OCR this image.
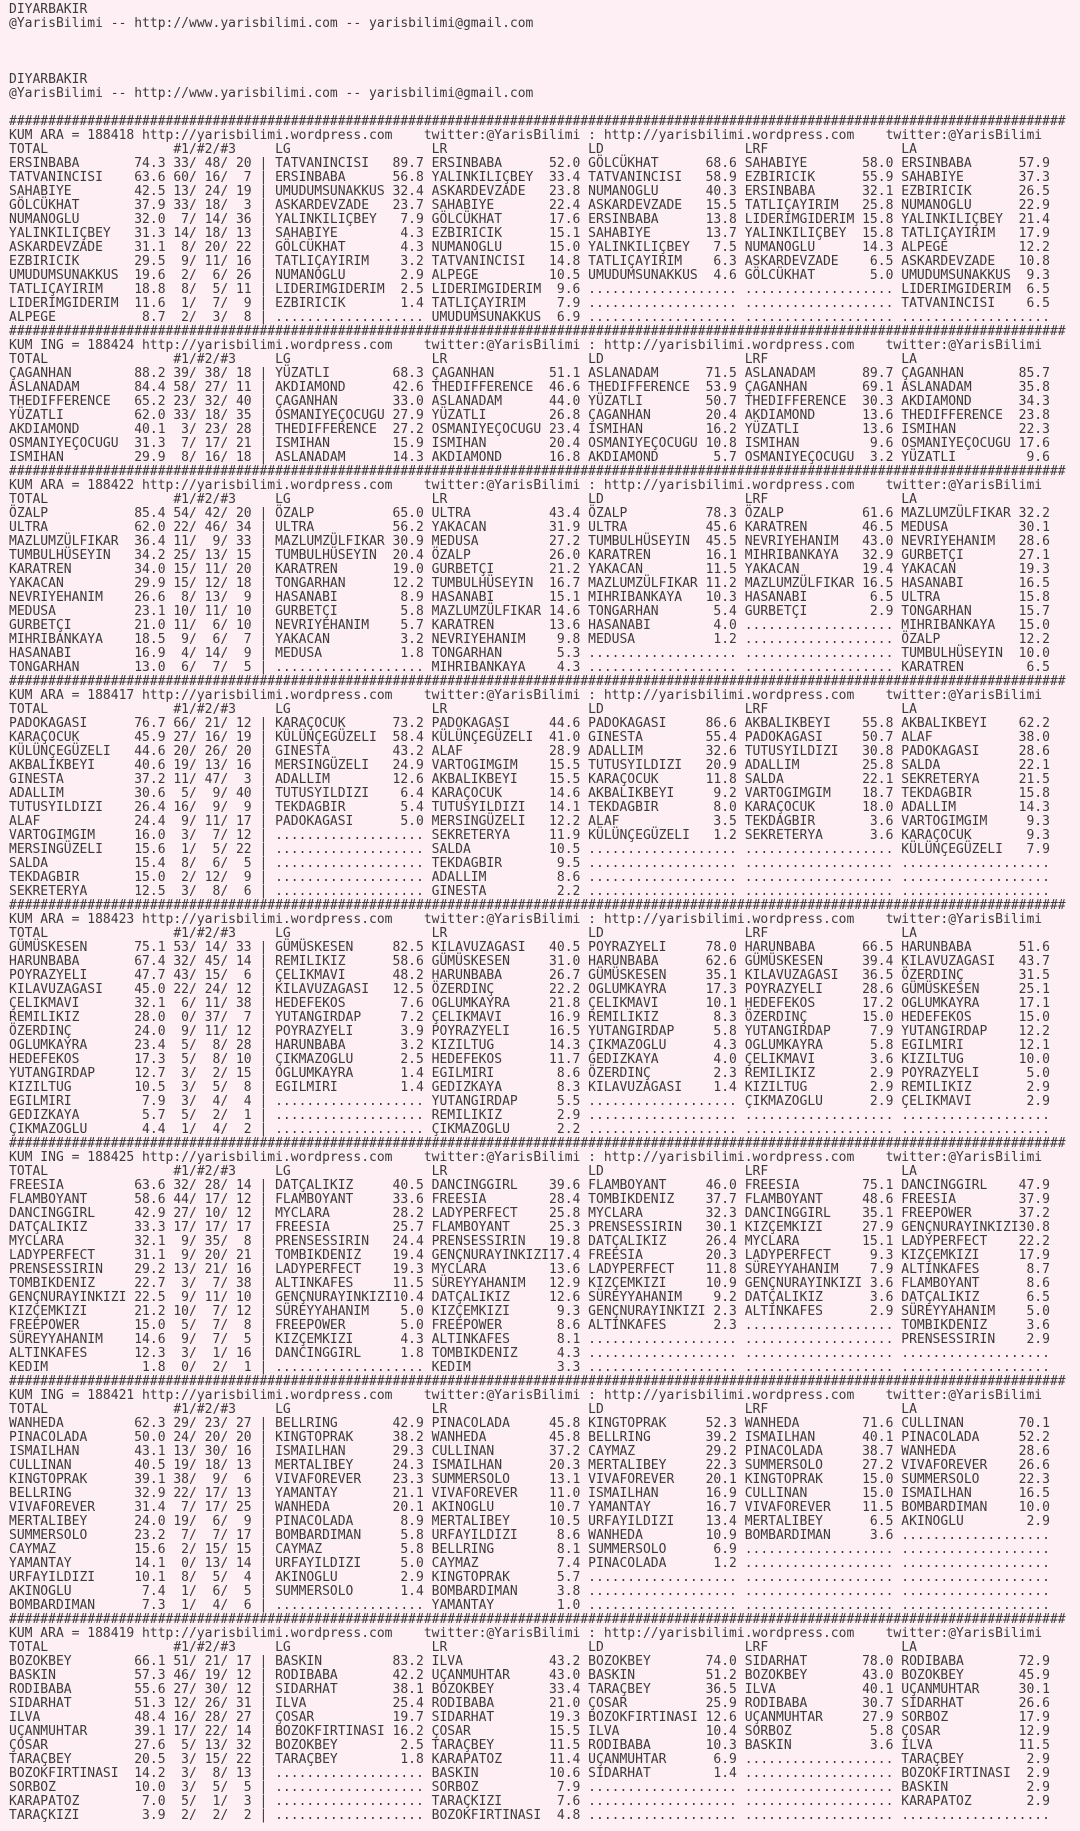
DIYARBAKIR
@YarisBilimi -- http://www.yarisbilimi.com -- yarisbilimi@gmail.com
DIYARBAKIR
@YarisBilimi -- http://www.yarisbilimi.com -- yarisbilimi@gmail.com
#######################################################################################################################################
KUM ARA = 188418 http://yarisbilimi.wordpress.com    twitter:@YarisBilimi : http://yarisbilimi.wordpress.com    twitter:@YarisBilimi
TOTAL                #1/#2/#3     LG                  LR                  LD                  LRF                 LA
ERSINBABA       74.3 33/ 48/ 20 | TATVANINCISI   89.7 ERSINBABA      52.0 GÖLCÜKHAT      68.6 SAHABIYE       58.0 ERSINBABA      57.9
TATVANINCISI    63.6 60/ 16/  7 | ERSINBABA      56.8 YALINKILIÇBEY  33.4 TATVANINCISI   58.9 EZBIRICIK      55.9 SAHABIYE       37.3
SAHABIYE        42.5 13/ 24/ 19 | UMUDUMSUNAKKUS 32.4 ASKARDEVZADE   23.8 NUMANOGLU      40.3 ERSINBABA      32.1 EZBIRICIK      26.5
GÖLCÜKHAT       37.9 33/ 18/  3 | ASKARDEVZADE   23.7 SAHABIYE       22.4 ASKARDEVZADE   15.5 TATLIÇAYIRIM   25.8 NUMANOGLU      22.9
NUMANOGLU       32.0  7/ 14/ 36 | YALINKILIÇBEY   7.9 GÖLCÜKHAT      17.6 ERSINBABA      13.8 LIDERIMGIDERIM 15.8 YALINKILIÇBEY  21.4
YALINKILIÇBEY   31.3 14/ 18/ 13 | SAHABIYE        4.3 EZBIRICIK      15.1 SAHABIYE       13.7 YALINKILIÇBEY  15.8 TATLIÇAYIRIM   17.9
ASKARDEVZADE    31.1  8/ 20/ 22 | GÖLCÜKHAT       4.3 NUMANOGLU      15.0 YALINKILIÇBEY   7.5 NUMANOGLU      14.3 ALPEGE         12.2
EZBIRICIK       29.5  9/ 11/ 16 | TATLIÇAYIRIM    3.2 TATVANINCISI   14.8 TATLIÇAYIRIM    6.3 ASKARDEVZADE    6.5 ASKARDEVZADE   10.8
UMUDUMSUNAKKUS  19.6  2/  6/ 26 | NUMANOGLU       2.9 ALPEGE         10.5 UMUDUMSUNAKKUS  4.6 GÖLCÜKHAT       5.0 UMUDUMSUNAKKUS  9.3
TATLIÇAYIRIM    18.8  8/  5/ 11 | LIDERIMGIDERIM  2.5 LIDERIMGIDERIM  9.6 ................... ................... LIDERIMGIDERIM  6.5
LIDERIMGIDERIM  11.6  1/  7/  9 | EZBIRICIK       1.4 TATLIÇAYIRIM    7.9 ................... ................... TATVANINCISI    6.5
ALPEGE           8.7  2/  3/  8 | ................... UMUDUMSUNAKKUS  6.9 ................... ................... ...................
#######################################################################################################################################
KUM ING = 188424 http://yarisbilimi.wordpress.com    twitter:@YarisBilimi : http://yarisbilimi.wordpress.com    twitter:@YarisBilimi
TOTAL                #1/#2/#3     LG                  LR                  LD                  LRF                 LA
ÇAGANHAN        88.2 39/ 38/ 18 | YÜZATLI        68.3 ÇAGANHAN       51.1 ASLANADAM      71.5 ASLANADAM      89.7 ÇAGANHAN       85.7
ASLANADAM       84.4 58/ 27/ 11 | AKDIAMOND      42.6 THEDIFFERENCE  46.6 THEDIFFERENCE  53.9 ÇAGANHAN       69.1 ASLANADAM      35.8
THEDIFFERENCE   65.2 23/ 32/ 40 | ÇAGANHAN       33.0 ASLANADAM      44.0 YÜZATLI        50.7 THEDIFFERENCE  30.3 AKDIAMOND      34.3
YÜZATLI         62.0 33/ 18/ 35 | OSMANIYEÇOCUGU 27.9 YÜZATLI        26.8 ÇAGANHAN       20.4 AKDIAMOND      13.6 THEDIFFERENCE  23.8
AKDIAMOND       40.1  3/ 23/ 28 | THEDIFFERENCE  27.2 OSMANIYEÇOCUGU 23.4 ISMIHAN        16.2 YÜZATLI        13.6 ISMIHAN        22.3
OSMANIYEÇOCUGU  31.3  7/ 17/ 21 | ISMIHAN        15.9 ISMIHAN        20.4 OSMANIYEÇOCUGU 10.8 ISMIHAN         9.6 OSMANIYEÇOCUGU 17.6
ISMIHAN         29.9  8/ 16/ 18 | ASLANADAM      14.3 AKDIAMOND      16.8 AKDIAMOND       5.7 OSMANIYEÇOCUGU  3.2 YÜZATLI         9.6
#######################################################################################################################################
KUM ARA = 188422 http://yarisbilimi.wordpress.com    twitter:@YarisBilimi : http://yarisbilimi.wordpress.com    twitter:@YarisBilimi
TOTAL                #1/#2/#3     LG                  LR                  LD                  LRF                 LA
ÖZALP           85.4 54/ 42/ 20 | ÖZALP          65.0 ULTRA          43.4 ÖZALP          78.3 ÖZALP          61.6 MAZLUMZÜLFIKAR 32.2
ULTRA           62.0 22/ 46/ 34 | ULTRA          56.2 YAKACAN        31.9 ULTRA          45.6 KARATREN       46.5 MEDUSA         30.1
MAZLUMZÜLFIKAR  36.4 11/  9/ 33 | MAZLUMZÜLFIKAR 30.9 MEDUSA         27.2 TUMBULHÜSEYIN  45.5 NEVRIYEHANIM   43.0 NEVRIYEHANIM   28.6
TUMBULHÜSEYIN   34.2 25/ 13/ 15 | TUMBULHÜSEYIN  20.4 ÖZALP          26.0 KARATREN       16.1 MIHRIBANKAYA   32.9 GURBETÇI       27.1
KARATREN        34.0 15/ 11/ 20 | KARATREN       19.0 GURBETÇI       21.2 YAKACAN        11.5 YAKACAN        19.4 YAKACAN        19.3
YAKACAN         29.9 15/ 12/ 18 | TONGARHAN      12.2 TUMBULHÜSEYIN  16.7 MAZLUMZÜLFIKAR 11.2 MAZLUMZÜLFIKAR 16.5 HASANABI       16.5
NEVRIYEHANIM    26.6  8/ 13/  9 | HASANABI        8.9 HASANABI       15.1 MIHRIBANKAYA   10.3 HASANABI        6.5 ULTRA          15.8
MEDUSA          23.1 10/ 11/ 10 | GURBETÇI        5.8 MAZLUMZÜLFIKAR 14.6 TONGARHAN       5.4 GURBETÇI        2.9 TONGARHAN      15.7
GURBETÇI        21.0 11/  6/ 10 | NEVRIYEHANIM    5.7 KARATREN       13.6 HASANABI        4.0 ................... MIHRIBANKAYA   15.0
MIHRIBANKAYA    18.5  9/  6/  7 | YAKACAN         3.2 NEVRIYEHANIM    9.8 MEDUSA          1.2 ................... ÖZALP          12.2
HASANABI        16.9  4/ 14/  9 | MEDUSA          1.8 TONGARHAN       5.3 ................... ................... TUMBULHÜSEYIN  10.0
TONGARHAN       13.0  6/  7/  5 | ................... MIHRIBANKAYA    4.3 ................... ................... KARATREN        6.5
#######################################################################################################################################
KUM ARA = 188417 http://yarisbilimi.wordpress.com    twitter:@YarisBilimi : http://yarisbilimi.wordpress.com    twitter:@YarisBilimi
TOTAL                #1/#2/#3     LG                  LR                  LD                  LRF                 LA
PADOKAGASI      76.7 66/ 21/ 12 | KARAÇOCUK      73.2 PADOKAGASI     44.6 PADOKAGASI     86.6 AKBALIKBEYI    55.8 AKBALIKBEYI    62.2
KARAÇOCUK       45.9 27/ 16/ 19 | KÜLÜNÇEGÜZELI  58.4 KÜLÜNÇEGÜZELI  41.0 GINESTA        55.4 PADOKAGASI     50.7 ALAF           38.0
KÜLÜNÇEGÜZELI   44.6 20/ 26/ 20 | GINESTA        43.2 ALAF           28.9 ADALLIM        32.6 TUTUSYILDIZI   30.8 PADOKAGASI     28.6
AKBALIKBEYI     40.6 19/ 13/ 16 | MERSINGÜZELI   24.9 VARTOGIMGIM    15.5 TUTUSYILDIZI   20.9 ADALLIM        25.8 SALDA          22.1
GINESTA         37.2 11/ 47/  3 | ADALLIM        12.6 AKBALIKBEYI    15.5 KARAÇOCUK      11.8 SALDA          22.1 SEKRETERYA     21.5
ADALLIM         30.6  5/  9/ 40 | TUTUSYILDIZI    6.4 KARAÇOCUK      14.6 AKBALIKBEYI     9.2 VARTOGIMGIM    18.7 TEKDAGBIR      15.8
TUTUSYILDIZI    26.4 16/  9/  9 | TEKDAGBIR       5.4 TUTUSYILDIZI   14.1 TEKDAGBIR       8.0 KARAÇOCUK      18.0 ADALLIM        14.3
ALAF            24.4  9/ 11/ 17 | PADOKAGASI      5.0 MERSINGÜZELI   12.2 ALAF            3.5 TEKDAGBIR       3.6 VARTOGIMGIM     9.3
VARTOGIMGIM     16.0  3/  7/ 12 | ................... SEKRETERYA     11.9 KÜLÜNÇEGÜZELI   1.2 SEKRETERYA      3.6 KARAÇOCUK       9.3
MERSINGÜZELI    15.6  1/  5/ 22 | ................... SALDA          10.5 ................... ................... KÜLÜNÇEGÜZELI   7.9
SALDA           15.4  8/  6/  5 | ................... TEKDAGBIR       9.5 ................... ................... ...................
TEKDAGBIR       15.0  2/ 12/  9 | ................... ADALLIM         8.6 ................... ................... ...................
SEKRETERYA      12.5  3/  8/  6 | ................... GINESTA         2.2 ................... ................... ...................
#######################################################################################################################################
KUM ARA = 188423 http://yarisbilimi.wordpress.com    twitter:@YarisBilimi : http://yarisbilimi.wordpress.com    twitter:@YarisBilimi
TOTAL                #1/#2/#3     LG                  LR                  LD                  LRF                 LA
GÜMÜSKESEN      75.1 53/ 14/ 33 | GÜMÜSKESEN     82.5 KILAVUZAGASI   40.5 POYRAZYELI     78.0 HARUNBABA      66.5 HARUNBABA      51.6
HARUNBABA       67.4 32/ 45/ 14 | REMILIKIZ      58.6 GÜMÜSKESEN     31.0 HARUNBABA      62.6 GÜMÜSKESEN     39.4 KILAVUZAGASI   43.7
POYRAZYELI      47.7 43/ 15/  6 | ÇELIKMAVI      48.2 HARUNBABA      26.7 GÜMÜSKESEN     35.1 KILAVUZAGASI   36.5 ÖZERDINÇ       31.5
KILAVUZAGASI    45.0 22/ 24/ 12 | KILAVUZAGASI   12.5 ÖZERDINÇ       22.2 OGLUMKAYRA     17.3 POYRAZYELI     28.6 GÜMÜSKESEN     25.1
ÇELIKMAVI       32.1  6/ 11/ 38 | HEDEFEKOS       7.6 OGLUMKAYRA     21.8 ÇELIKMAVI      10.1 HEDEFEKOS      17.2 OGLUMKAYRA     17.1
REMILIKIZ       28.0  0/ 37/  7 | YUTANGIRDAP     7.2 ÇELIKMAVI      16.9 REMILIKIZ       8.3 ÖZERDINÇ       15.0 HEDEFEKOS      15.0
ÖZERDINÇ        24.0  9/ 11/ 12 | POYRAZYELI      3.9 POYRAZYELI     16.5 YUTANGIRDAP     5.8 YUTANGIRDAP     7.9 YUTANGIRDAP    12.2
OGLUMKAYRA      23.4  5/  8/ 28 | HARUNBABA       3.2 KIZILTUG       14.3 ÇIKMAZOGLU      4.3 OGLUMKAYRA      5.8 EGILMIRI       12.1
HEDEFEKOS       17.3  5/  8/ 10 | ÇIKMAZOGLU      2.5 HEDEFEKOS      11.7 GEDIZKAYA       4.0 ÇELIKMAVI       3.6 KIZILTUG       10.0
YUTANGIRDAP     12.7  3/  2/ 15 | OGLUMKAYRA      1.4 EGILMIRI        8.6 ÖZERDINÇ        2.3 REMILIKIZ       2.9 POYRAZYELI      5.0
KIZILTUG        10.5  3/  5/  8 | EGILMIRI        1.4 GEDIZKAYA       8.3 KILAVUZAGASI    1.4 KIZILTUG        2.9 REMILIKIZ       2.9
EGILMIRI         7.9  3/  4/  4 | ................... YUTANGIRDAP     5.5 ................... ÇIKMAZOGLU      2.9 ÇELIKMAVI       2.9
GEDIZKAYA        5.7  5/  2/  1 | ................... REMILIKIZ       2.9 ................... ................... ...................
ÇIKMAZOGLU       4.4  1/  4/  2 | ................... ÇIKMAZOGLU      2.2 ................... ................... ...................
#######################################################################################################################################
KUM ING = 188425 http://yarisbilimi.wordpress.com    twitter:@YarisBilimi : http://yarisbilimi.wordpress.com    twitter:@YarisBilimi
TOTAL                #1/#2/#3     LG                  LR                  LD                  LRF                 LA
FREESIA         63.6 32/ 28/ 14 | DATÇALIKIZ     40.5 DANCINGGIRL    39.6 FLAMBOYANT     46.0 FREESIA        75.1 DANCINGGIRL    47.9
FLAMBOYANT      58.6 44/ 17/ 12 | FLAMBOYANT     33.6 FREESIA        28.4 TOMBIKDENIZ    37.7 FLAMBOYANT     48.6 FREESIA        37.9
DANCINGGIRL     42.9 27/ 10/ 12 | MYCLARA        28.2 LADYPERFECT    25.8 MYCLARA        32.3 DANCINGGIRL    35.1 FREEPOWER      37.2
DATÇALIKIZ      33.3 17/ 17/ 17 | FREESIA        25.7 FLAMBOYANT     25.3 PRENSESSIRIN   30.1 KIZÇEMKIZI     27.9 GENÇNURAYINKIZI30.8
MYCLARA         32.1  9/ 35/  8 | PRENSESSIRIN   24.4 PRENSESSIRIN   19.8 DATÇALIKIZ     26.4 MYCLARA        15.1 LADYPERFECT    22.2
LADYPERFECT     31.1  9/ 20/ 21 | TOMBIKDENIZ    19.4 GENÇNURAYINKIZI17.4 FREESIA        20.3 LADYPERFECT     9.3 KIZÇEMKIZI     17.9
PRENSESSIRIN    29.2 13/ 21/ 16 | LADYPERFECT    19.3 MYCLARA        13.6 LADYPERFECT    11.8 SÜREYYAHANIM    7.9 ALTINKAFES      8.7
TOMBIKDENIZ     22.7  3/  7/ 38 | ALTINKAFES     11.5 SÜREYYAHANIM   12.9 KIZÇEMKIZI     10.9 GENÇNURAYINKIZI 3.6 FLAMBOYANT      8.6
GENÇNURAYINKIZI 22.5  9/ 11/ 10 | GENÇNURAYINKIZI10.4 DATÇALIKIZ     12.6 SÜREYYAHANIM    9.2 DATÇALIKIZ      3.6 DATÇALIKIZ      6.5
KIZÇEMKIZI      21.2 10/  7/ 12 | SÜREYYAHANIM    5.0 KIZÇEMKIZI      9.3 GENÇNURAYINKIZI 2.3 ALTINKAFES      2.9 SÜREYYAHANIM    5.0
FREEPOWER       15.0  5/  7/  8 | FREEPOWER       5.0 FREEPOWER       8.6 ALTINKAFES      2.3 ................... TOMBIKDENIZ     3.6
SÜREYYAHANIM    14.6  9/  7/  5 | KIZÇEMKIZI      4.3 ALTINKAFES      8.1 ................... ................... PRENSESSIRIN    2.9
ALTINKAFES      12.3  3/  1/ 16 | DANCINGGIRL     1.8 TOMBIKDENIZ     4.3 ................... ................... ...................
KEDIM            1.8  0/  2/  1 | ................... KEDIM           3.3 ................... ................... ...................
#######################################################################################################################################
KUM ING = 188421 http://yarisbilimi.wordpress.com    twitter:@YarisBilimi : http://yarisbilimi.wordpress.com    twitter:@YarisBilimi
TOTAL                #1/#2/#3     LG                  LR                  LD                  LRF                 LA
WANHEDA         62.3 29/ 23/ 27 | BELLRING       42.9 PINACOLADA     45.8 KINGTOPRAK     52.3 WANHEDA        71.6 CULLINAN       70.1
PINACOLADA      50.0 24/ 20/ 20 | KINGTOPRAK     38.2 WANHEDA        45.8 BELLRING       39.2 ISMAILHAN      40.1 PINACOLADA     52.2
ISMAILHAN       43.1 13/ 30/ 16 | ISMAILHAN      29.3 CULLINAN       37.2 CAYMAZ         29.2 PINACOLADA     38.7 WANHEDA        28.6
CULLINAN        40.5 19/ 18/ 13 | MERTALIBEY     24.3 ISMAILHAN      20.3 MERTALIBEY     22.3 SUMMERSOLO     27.2 VIVAFOREVER    26.6
KINGTOPRAK      39.1 38/  9/  6 | VIVAFOREVER    23.3 SUMMERSOLO     13.1 VIVAFOREVER    20.1 KINGTOPRAK     15.0 SUMMERSOLO     22.3
BELLRING        32.9 22/ 17/ 13 | YAMANTAY       21.1 VIVAFOREVER    11.0 ISMAILHAN      16.9 CULLINAN       15.0 ISMAILHAN      16.5
VIVAFOREVER     31.4  7/ 17/ 25 | WANHEDA        20.1 AKINOGLU       10.7 YAMANTAY       16.7 VIVAFOREVER    11.5 BOMBARDIMAN    10.0
MERTALIBEY      24.0 19/  6/  9 | PINACOLADA      8.9 MERTALIBEY     10.5 URFAYILDIZI    13.4 MERTALIBEY      6.5 AKINOGLU        2.9
SUMMERSOLO      23.2  7/  7/ 17 | BOMBARDIMAN     5.8 URFAYILDIZI     8.6 WANHEDA        10.9 BOMBARDIMAN     3.6 ...................
CAYMAZ          15.6  2/ 15/ 15 | CAYMAZ          5.8 BELLRING        8.1 SUMMERSOLO      6.9 ................... ...................
YAMANTAY        14.1  0/ 13/ 14 | URFAYILDIZI     5.0 CAYMAZ          7.4 PINACOLADA      1.2 ................... ...................
URFAYILDIZI     10.1  8/  5/  4 | AKINOGLU        2.9 KINGTOPRAK      5.7 ................... ................... ...................
AKINOGLU         7.4  1/  6/  5 | SUMMERSOLO      1.4 BOMBARDIMAN     3.8 ................... ................... ...................
BOMBARDIMAN      7.3  1/  4/  6 | ................... YAMANTAY        1.0 ................... ................... ...................
#######################################################################################################################################
KUM ARA = 188419 http://yarisbilimi.wordpress.com    twitter:@YarisBilimi : http://yarisbilimi.wordpress.com    twitter:@YarisBilimi
TOTAL                #1/#2/#3     LG                  LR                  LD                  LRF                 LA
BOZOKBEY        66.1 51/ 21/ 17 | BASKIN         83.2 ILVA           43.2 BOZOKBEY       74.0 SIDARHAT       78.0 RODIBABA       72.9
BASKIN          57.3 46/ 19/ 12 | RODIBABA       42.2 UÇANMUHTAR     43.0 BASKIN         51.2 BOZOKBEY       43.0 BOZOKBEY       45.9
RODIBABA        55.6 27/ 30/ 12 | SIDARHAT       38.1 BOZOKBEY       33.4 TARAÇBEY       36.5 ILVA           40.1 UÇANMUHTAR     30.1
SIDARHAT        51.3 12/ 26/ 31 | ILVA           25.4 RODIBABA       21.0 ÇOSAR          25.9 RODIBABA       30.7 SIDARHAT       26.6
ILVA            48.4 16/ 28/ 27 | ÇOSAR          19.7 SIDARHAT       19.3 BOZOKFIRTINASI 12.6 UÇANMUHTAR     27.9 SORBOZ         17.9
UÇANMUHTAR      39.1 17/ 22/ 14 | BOZOKFIRTINASI 16.2 ÇOSAR          15.5 ILVA           10.4 SORBOZ          5.8 ÇOSAR          12.9
ÇOSAR           27.6  5/ 13/ 32 | BOZOKBEY        2.5 TARAÇBEY       11.5 RODIBABA       10.3 BASKIN          3.6 ILVA           11.5
TARAÇBEY        20.5  3/ 15/ 22 | TARAÇBEY        1.8 KARAPATOZ      11.4 UÇANMUHTAR      6.9 ................... TARAÇBEY        2.9
BOZOKFIRTINASI  14.2  3/  8/ 13 | ................... BASKIN         10.6 SIDARHAT        1.4 ................... BOZOKFIRTINASI  2.9
SORBOZ          10.0  3/  5/  5 | ................... SORBOZ          7.9 ................... ................... BASKIN          2.9
KARAPATOZ        7.0  5/  1/  3 | ................... TARAÇKIZI       7.6 ................... ................... KARAPATOZ       2.9
TARAÇKIZI        3.9  2/  2/  2 | ................... BOZOKFIRTINASI  4.8 ................... ................... ...................
